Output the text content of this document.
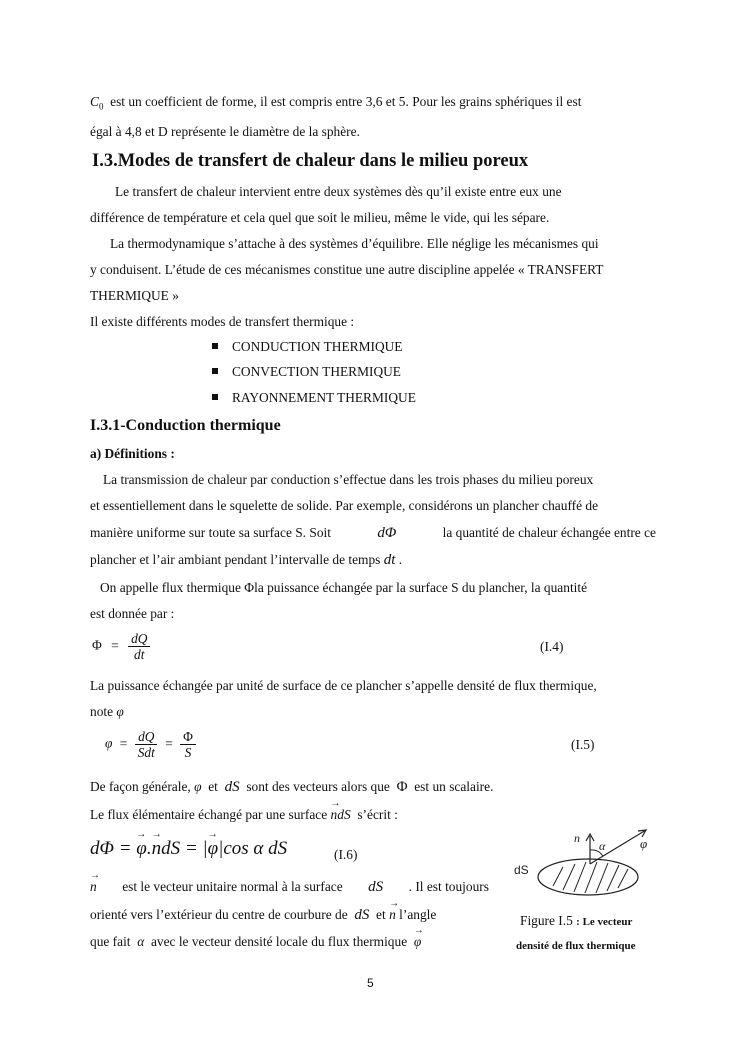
$C_0$ est un coefficient de forme, il est compris entre 3,6 et 5. Pour les grains sphériques il est
égal à 4,8 et D représente le diamètre de la sphère.
I.3.Modes de transfert de chaleur dans le milieu poreux
Le transfert de chaleur intervient entre deux systèmes dès qu’il existe entre eux une
différence de température et cela quel que soit le milieu, même le vide, qui les sépare.
La thermodynamique s’attache à des systèmes d’équilibre. Elle néglige les mécanismes qui
y conduisent. L’étude de ces mécanismes constitue une autre discipline appelée « TRANSFERT
THERMIQUE »
Il existe différents modes de transfert thermique :
CONDUCTION THERMIQUE
CONVECTION THERMIQUE
RAYONNEMENT THERMIQUE
I.3.1-Conduction thermique
a) Définitions :
La transmission de chaleur par conduction s’effectue dans les trois phases du milieu poreux
et essentiellement dans le squelette de solide. Par exemple, considérons un plancher chauffé de
manière uniforme sur toute sa surface S. Soit	dΦ	la quantité de chaleur échangée entre ce
plancher et l’air ambiant pendant l’intervalle de temps dt .
On appelle flux thermique Φla puissance échangée par la surface S du plancher, la quantité
est donnée par :
$\Phi = \frac{dQ}{dt}$	(I.4)
La puissance échangée par unité de surface de ce plancher s’appelle densité de flux thermique,
note φ
$\varphi = \frac{dQ}{\text{Sdt}} = \frac{\Phi}{S}$	(I.5)
De façon générale, φ et dS sont des vecteurs alors que Φ est un scalaire.
Le flux élémentaire échangé par une surface → ndS s’écrit :
dΦ = → φ.→ ndS = |→ φ|cos α dS	(I.6)
→ n est le vecteur unitaire normal à la surface dS . Il est toujours
orienté vers l’extérieur du centre de courbure de dS et → n l’angle
que fait α avec le vecteur densité locale du flux thermique → φ
n
α	φ
dS
Figure I.5 : Le vecteur
densité de flux thermique
5
